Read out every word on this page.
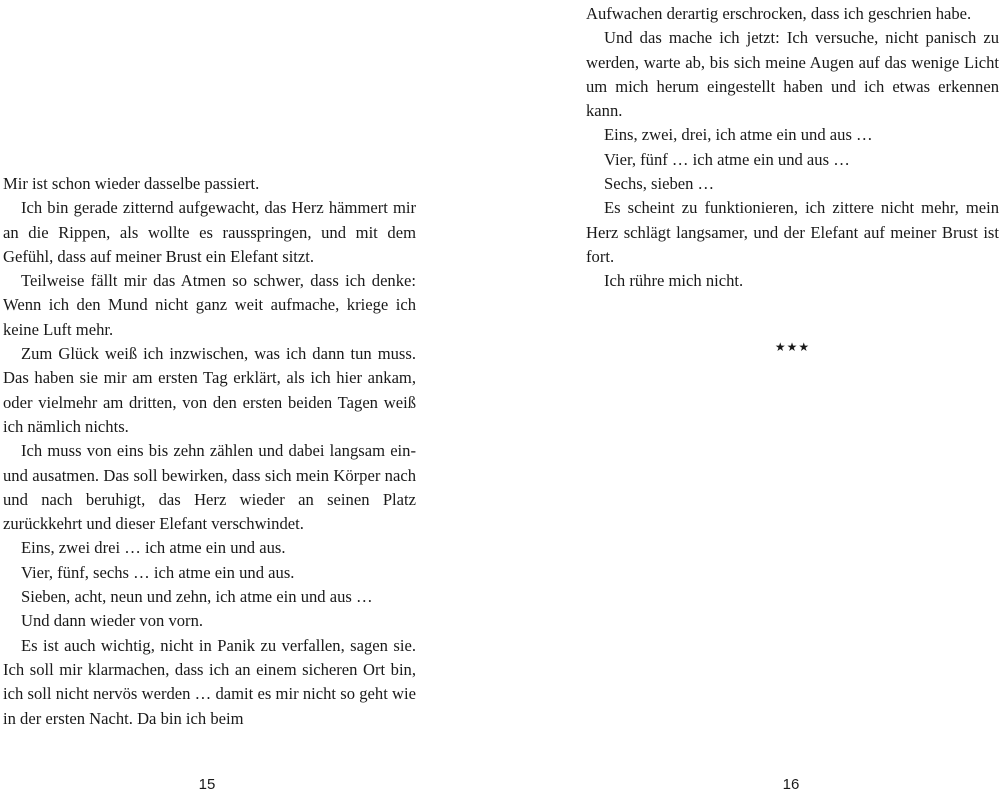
Mir ist schon wieder dasselbe passiert.

Ich bin gerade zitternd aufgewacht, das Herz hämmert mir an die Rippen, als wollte es rausspringen, und mit dem Gefühl, dass auf meiner Brust ein Elefant sitzt.

Teilweise fällt mir das Atmen so schwer, dass ich denke: Wenn ich den Mund nicht ganz weit aufmache, kriege ich keine Luft mehr.

Zum Glück weiß ich inzwischen, was ich dann tun muss. Das haben sie mir am ersten Tag erklärt, als ich hier ankam, oder vielmehr am dritten, von den ersten beiden Tagen weiß ich nämlich nichts.

Ich muss von eins bis zehn zählen und dabei langsam ein- und ausatmen. Das soll bewirken, dass sich mein Körper nach und nach beruhigt, das Herz wieder an seinen Platz zurückkehrt und dieser Elefant verschwindet.

Eins, zwei drei … ich atme ein und aus.

Vier, fünf, sechs … ich atme ein und aus.

Sieben, acht, neun und zehn, ich atme ein und aus …

Und dann wieder von vorn.

Es ist auch wichtig, nicht in Panik zu verfallen, sagen sie. Ich soll mir klarmachen, dass ich an einem sicheren Ort bin, ich soll nicht nervös werden … damit es mir nicht so geht wie in der ersten Nacht. Da bin ich beim

15

Aufwachen derartig erschrocken, dass ich geschrien habe.

Und das mache ich jetzt: Ich versuche, nicht panisch zu werden, warte ab, bis sich meine Augen auf das wenige Licht um mich herum eingestellt haben und ich etwas erkennen kann.

Eins, zwei, drei, ich atme ein und aus …

Vier, fünf … ich atme ein und aus …

Sechs, sieben …

Es scheint zu funktionieren, ich zittere nicht mehr, mein Herz schlägt langsamer, und der Elefant auf meiner Brust ist fort.

Ich rühre mich nicht.

★★★
16
